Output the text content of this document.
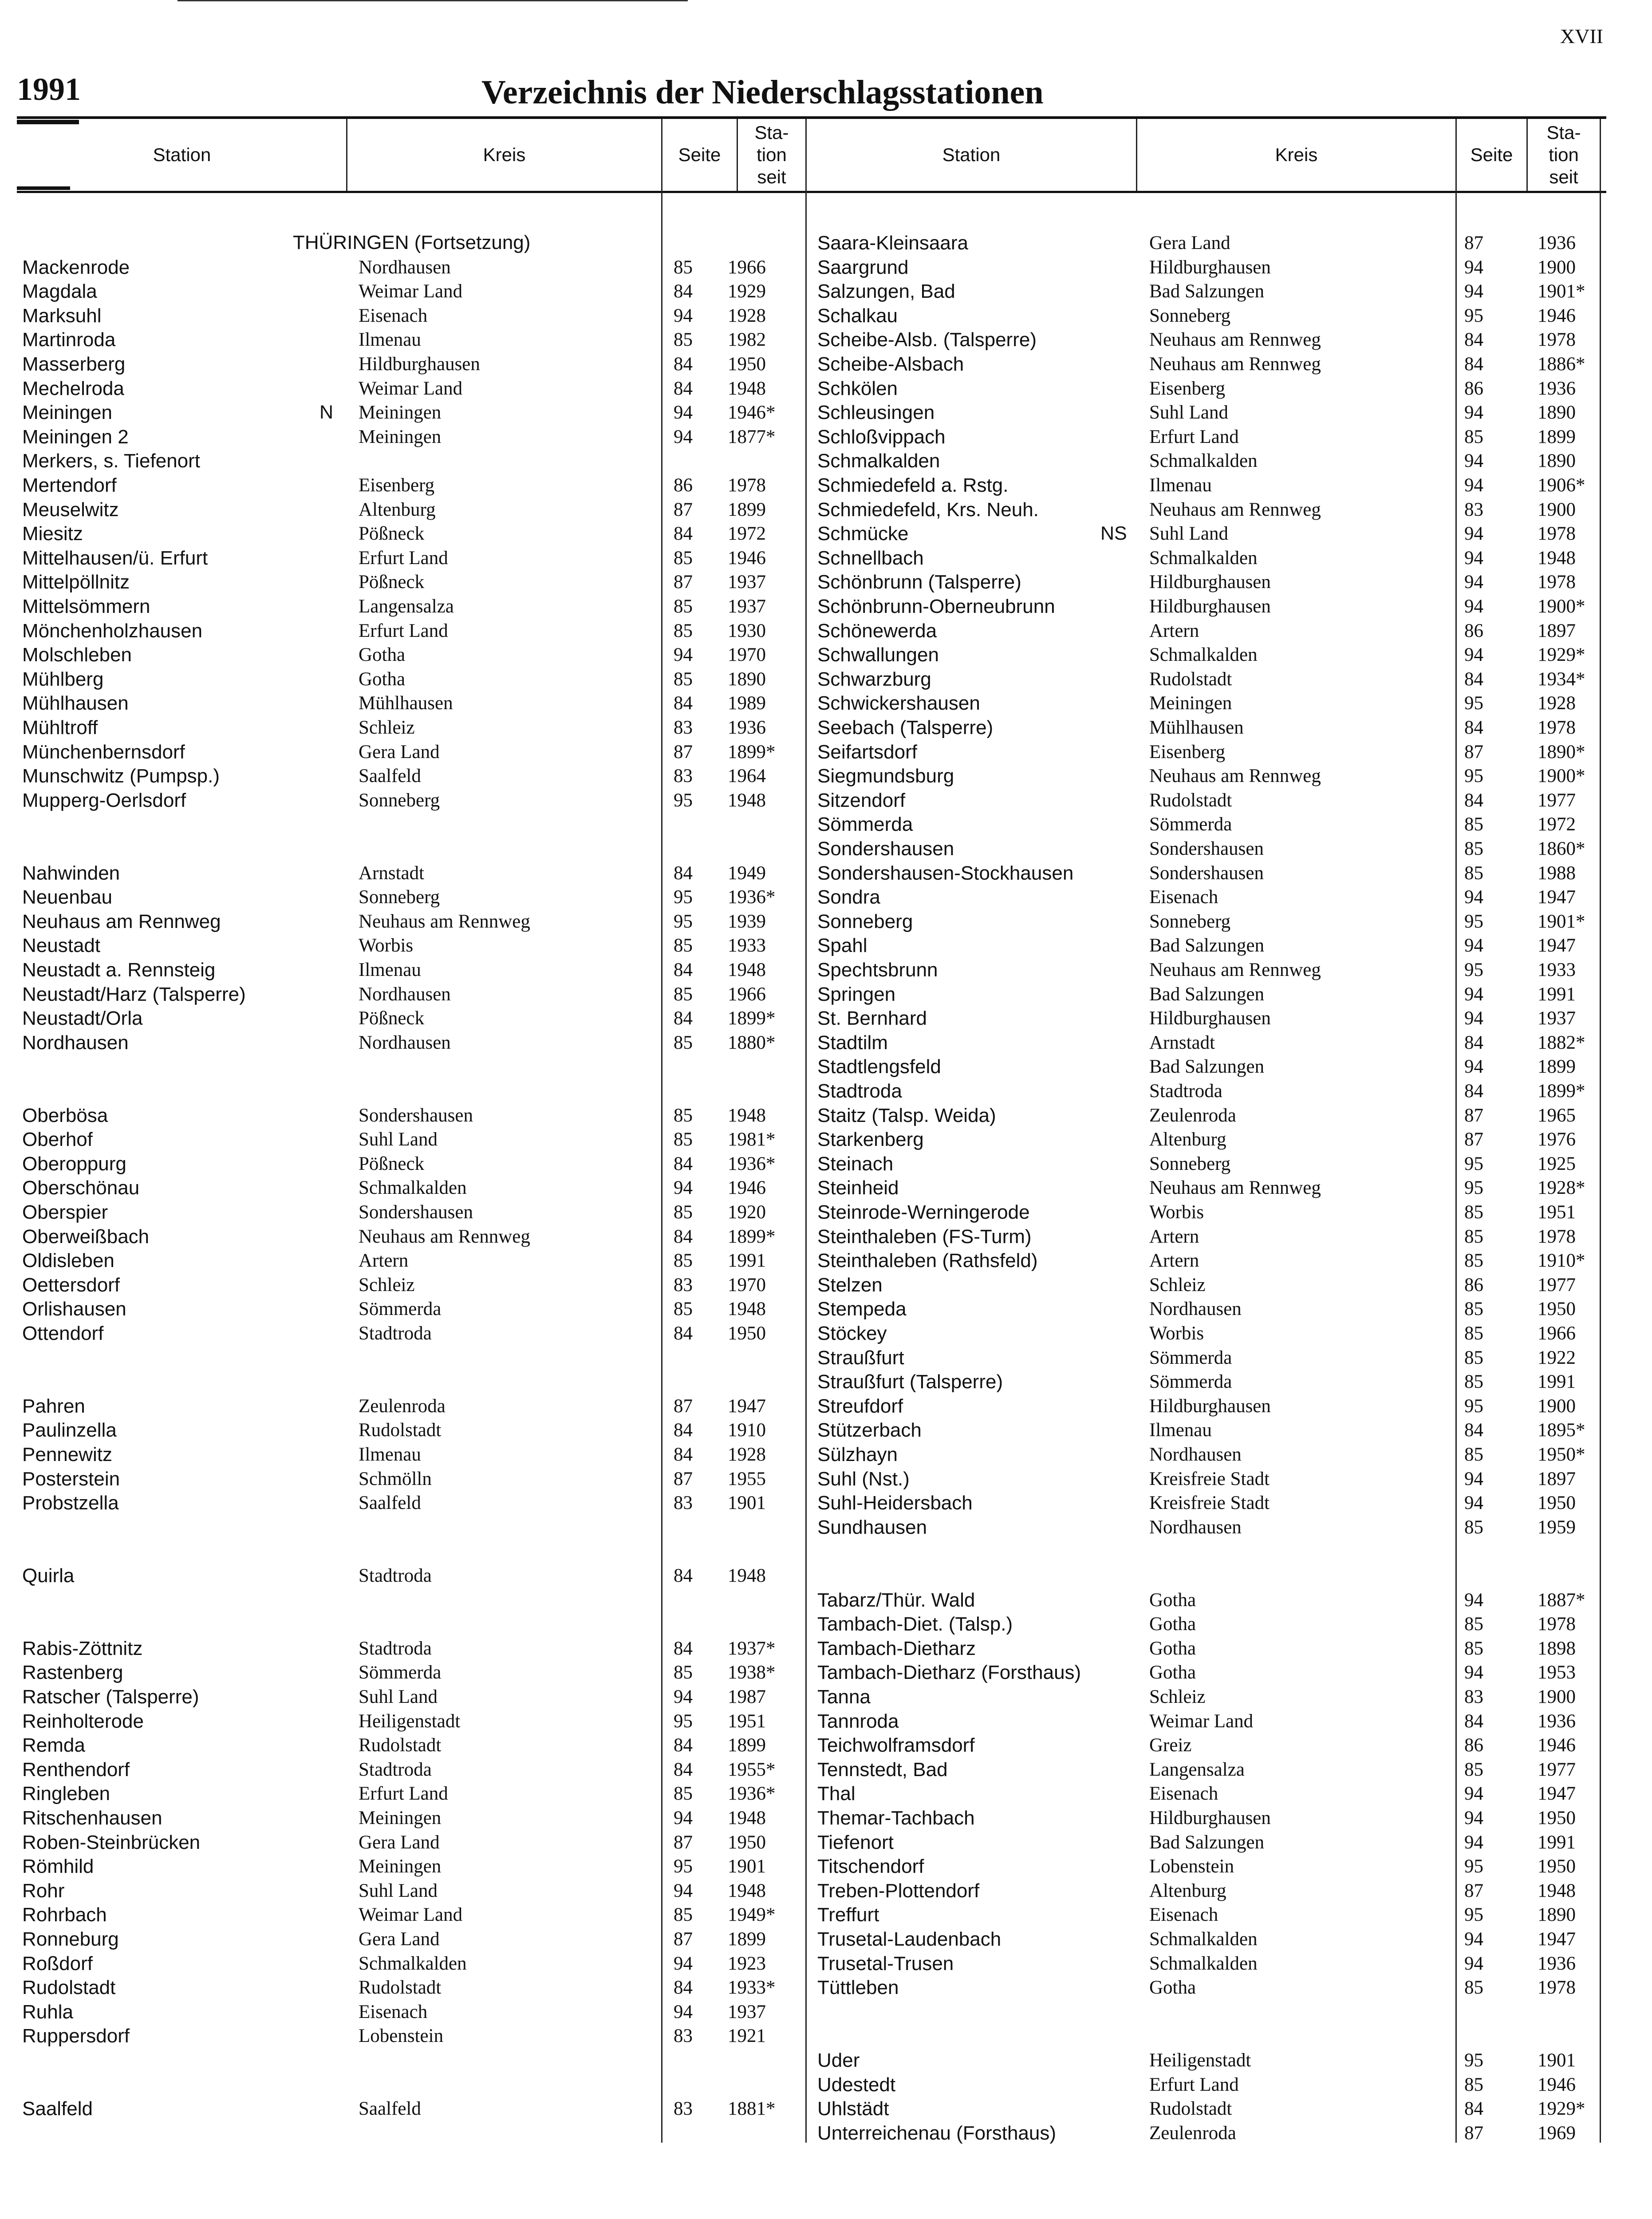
XVII
1991	Verzeichnis der Niederschlagsstationen
Station	Kreis	Seite
Sta-
tion
seit
Station	Kreis	Seite
Sta-
tion
seit
THÜRINGEN (Fortsetzung)
Mackenrode	Nordhausen	85 1966
Magdala	Weimar Land	84 1929
Marksuhl	Eisenach	94 1928
Martinroda	Ilmenau	85 1982
Masserberg	Hildburghausen	84 1950
Mechelroda	Weimar Land	84 1948
Meiningen	N Meiningen	94 1946*
Meiningen 2	Meiningen	94 1877*
Merkers, s. Tiefenort
Mertendorf	Eisenberg	86 1978
Meuselwitz	Altenburg	87 1899
Miesitz	Pößneck	84 1972
Mittelhausen/ü. Erfurt	Erfurt Land	85 1946
Mittelpöllnitz	Pößneck	87 1937
Mittelsömmern	Langensalza	85 1937
Mönchenholzhausen	Erfurt Land	85 1930
Molschleben	Gotha	94 1970
Mühlberg	Gotha	85 1890
Mühlhausen	Mühlhausen	84 1989
Mühltroff	Schleiz	83 1936
Münchenbernsdorf	Gera Land	87 1899*
Munschwitz (Pumpsp.)	Saalfeld	83 1964
Mupperg-Oerlsdorf	Sonneberg	95 1948
Nahwinden	Arnstadt	84 1949
Neuenbau	Sonneberg	95 1936*
Neuhaus am Rennweg	Neuhaus am Rennweg	95 1939
Neustadt	Worbis	85 1933
Neustadt a. Rennsteig	Ilmenau	84 1948
Neustadt/Harz (Talsperre)	Nordhausen	85 1966
Neustadt/Orla	Pößneck	84 1899*
Nordhausen	Nordhausen	85 1880*
Oberbösa	Sondershausen	85 1948
Oberhof	Suhl Land	85 1981*
Oberoppurg	Pößneck	84 1936*
Oberschönau	Schmalkalden	94 1946
Oberspier	Sondershausen	85 1920
Oberweißbach	Neuhaus am Rennweg	84 1899*
Oldisleben	Artern	85 1991
Oettersdorf	Schleiz	83 1970
Orlishausen	Sömmerda	85 1948
Ottendorf	Stadtroda	84 1950
Pahren	Zeulenroda	87 1947
Paulinzella	Rudolstadt	84 1910
Pennewitz	Ilmenau	84 1928
Posterstein	Schmölln	87 1955
Probstzella	Saalfeld	83 1901
Quirla	Stadtroda	84 1948
Rabis-Zöttnitz	Stadtroda	84 1937*
Rastenberg	Sömmerda	85 1938*
Ratscher (Talsperre)	Suhl Land	94 1987
Reinholterode	Heiligenstadt	95 1951
Remda	Rudolstadt	84 1899
Renthendorf	Stadtroda	84 1955*
Ringleben	Erfurt Land	85 1936*
Ritschenhausen	Meiningen	94 1948
Roben-Steinbrücken	Gera Land	87 1950
Römhild	Meiningen	95 1901
Rohr	Suhl Land	94 1948
Rohrbach	Weimar Land	85 1949*
Ronneburg	Gera Land	87 1899
Roßdorf	Schmalkalden	94 1923
Rudolstadt	Rudolstadt	84 1933*
Ruhla	Eisenach	94 1937
Ruppersdorf	Lobenstein	83 1921
Saalfeld	Saalfeld	83 1881*
Saara-Kleinsaara	Gera Land	87	1936
Saargrund	Hildburghausen	94	1900
Salzungen, Bad	Bad Salzungen	94	1901*
Schalkau	Sonneberg	95	1946
Scheibe-Alsb. (Talsperre)	Neuhaus am Rennweg	84	1978
Scheibe-Alsbach	Neuhaus am Rennweg	84	1886*
Schkölen	Eisenberg	86	1936
Schleusingen	Suhl Land	94	1890
Schloßvippach	Erfurt Land	85	1899
Schmalkalden	Schmalkalden	94	1890
Schmiedefeld a. Rstg.	Ilmenau	94	1906*
Schmiedefeld, Krs. Neuh.	Neuhaus am Rennweg	83	1900
Schmücke	NS Suhl Land	94	1978
Schnellbach	Schmalkalden	94	1948
Schönbrunn (Talsperre)	Hildburghausen	94	1978
Schönbrunn-Oberneubrunn	Hildburghausen	94	1900*
Schönewerda	Artern	86	1897
Schwallungen	Schmalkalden	94	1929*
Schwarzburg	Rudolstadt	84	1934*
Schwickershausen	Meiningen	95	1928
Seebach (Talsperre)	Mühlhausen	84	1978
Seifartsdorf	Eisenberg	87	1890*
Siegmundsburg	Neuhaus am Rennweg	95	1900*
Sitzendorf	Rudolstadt	84	1977
Sömmerda	Sömmerda	85	1972
Sondershausen	Sondershausen	85	1860*
Sondershausen-Stockhausen	Sondershausen	85	1988
Sondra	Eisenach	94	1947
Sonneberg	Sonneberg	95	1901*
Spahl	Bad Salzungen	94	1947
Spechtsbrunn	Neuhaus am Rennweg	95	1933
Springen	Bad Salzungen	94	1991
St. Bernhard	Hildburghausen	94	1937
Stadtilm	Arnstadt	84	1882*
Stadtlengsfeld	Bad Salzungen	94	1899
Stadtroda	Stadtroda	84	1899*
Staitz (Talsp. Weida)	Zeulenroda	87	1965
Starkenberg	Altenburg	87	1976
Steinach	Sonneberg	95	1925
Steinheid	Neuhaus am Rennweg	95	1928*
Steinrode-Werningerode	Worbis	85	1951
Steinthaleben (FS-Turm)	Artern	85	1978
Steinthaleben (Rathsfeld)	Artern	85	1910*
Stelzen	Schleiz	86	1977
Stempeda	Nordhausen	85	1950
Stöckey	Worbis	85	1966
Straußfurt	Sömmerda	85	1922
Straußfurt (Talsperre)	Sömmerda	85	1991
Streufdorf	Hildburghausen	95	1900
Stützerbach	Ilmenau	84	1895*
Sülzhayn	Nordhausen	85	1950*
Suhl (Nst.)	Kreisfreie Stadt	94	1897
Suhl-Heidersbach	Kreisfreie Stadt	94	1950
Sundhausen	Nordhausen	85	1959
Tabarz/Thür. Wald	Gotha	94	1887*
Tambach-Diet. (Talsp.)	Gotha	85	1978
Tambach-Dietharz	Gotha	85	1898
Tambach-Dietharz (Forsthaus)	Gotha	94	1953
Tanna	Schleiz	83	1900
Tannroda	Weimar Land	84	1936
Teichwolframsdorf	Greiz	86	1946
Tennstedt, Bad	Langensalza	85	1977
Thal	Eisenach	94	1947
Themar-Tachbach	Hildburghausen	94	1950
Tiefenort	Bad Salzungen	94	1991
Titschendorf	Lobenstein	95	1950
Treben-Plottendorf	Altenburg	87	1948
Treffurt	Eisenach	95	1890
Trusetal-Laudenbach	Schmalkalden	94	1947
Trusetal-Trusen	Schmalkalden	94	1936
Tüttleben	Gotha	85	1978
Uder	Heiligenstadt	95	1901
Udestedt	Erfurt Land	85	1946
Uhlstädt	Rudolstadt	84	1929*
Unterreichenau (Forsthaus)	Zeulenroda	87	1969
